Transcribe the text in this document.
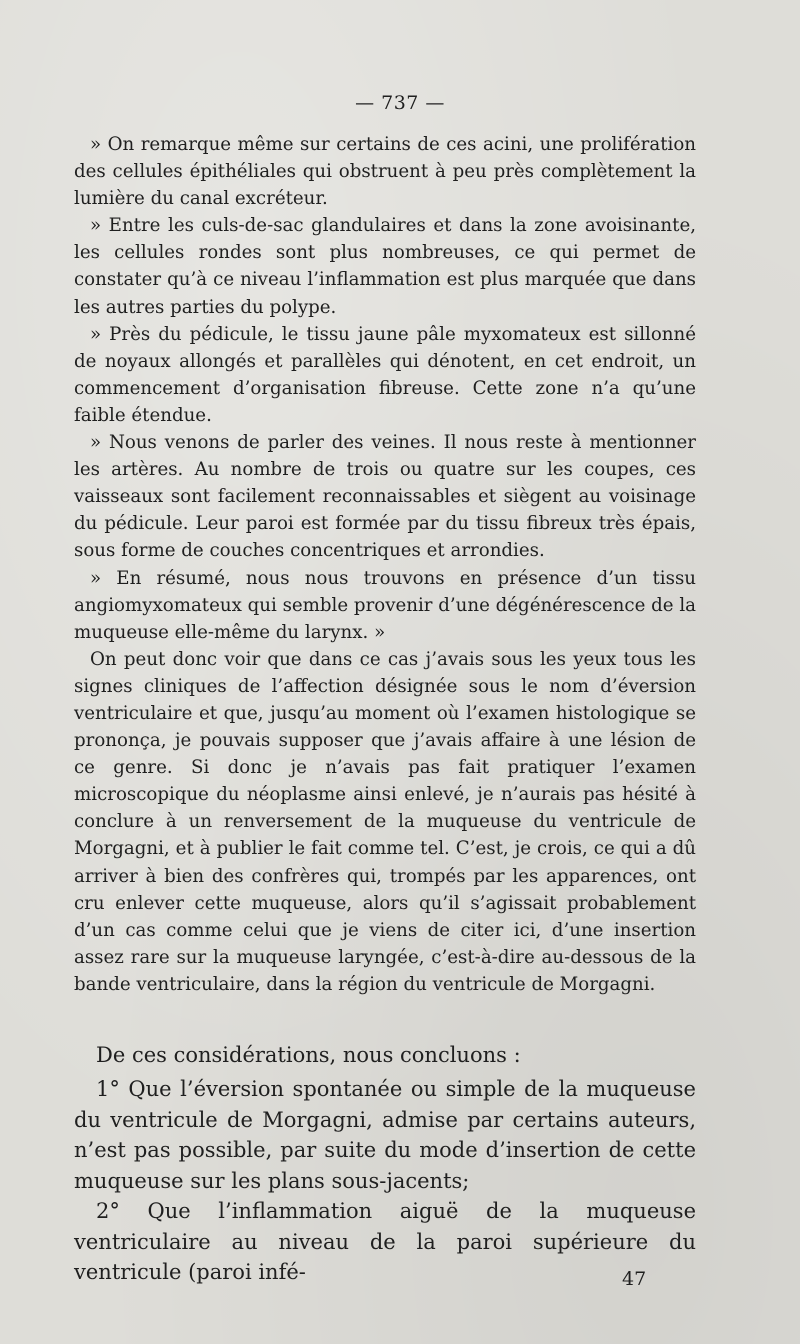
— 737 —

» On remarque même sur certains de ces acini, une prolifération des cellules épithéliales qui obstruent à peu près complètement la lumière du canal excréteur.

» Entre les culs-de-sac glandulaires et dans la zone avoisinante, les cellules rondes sont plus nombreuses, ce qui permet de constater qu’à ce niveau l’inflammation est plus marquée que dans les autres parties du polype.

» Près du pédicule, le tissu jaune pâle myxomateux est sillonné de noyaux allongés et parallèles qui dénotent, en cet endroit, un commencement d’organisation fibreuse. Cette zone n’a qu’une faible étendue.

» Nous venons de parler des veines. Il nous reste à mentionner les artères. Au nombre de trois ou quatre sur les coupes, ces vaisseaux sont facilement reconnaissables et siègent au voisinage du pédicule. Leur paroi est formée par du tissu fibreux très épais, sous forme de couches concentriques et arrondies.

» En résumé, nous nous trouvons en présence d’un tissu angiomyxomateux qui semble provenir d’une dégénérescence de la muqueuse elle-même du larynx. »

On peut donc voir que dans ce cas j’avais sous les yeux tous les signes cliniques de l’affection désignée sous le nom d’éversion ventriculaire et que, jusqu’au moment où l’examen histologique se prononça, je pouvais supposer que j’avais affaire à une lésion de ce genre. Si donc je n’avais pas fait pratiquer l’examen microscopique du néoplasme ainsi enlevé, je n’aurais pas hésité à conclure à un renversement de la muqueuse du ventricule de Morgagni, et à publier le fait comme tel. C’est, je crois, ce qui a dû arriver à bien des confrères qui, trompés par les apparences, ont cru enlever cette muqueuse, alors qu’il s’agissait probablement d’un cas comme celui que je viens de citer ici, d’une insertion assez rare sur la muqueuse laryngée, c’est-à-dire au-dessous de la bande ventriculaire, dans la région du ventricule de Morgagni.

De ces considérations, nous concluons :

1° Que l’éversion spontanée ou simple de la muqueuse du ventricule de Morgagni, admise par certains auteurs, n’est pas possible, par suite du mode d’insertion de cette muqueuse sur les plans sous-jacents;

2° Que l’inflammation aiguë de la muqueuse ventriculaire au niveau de la paroi supérieure du ventricule (paroi infé-	47
